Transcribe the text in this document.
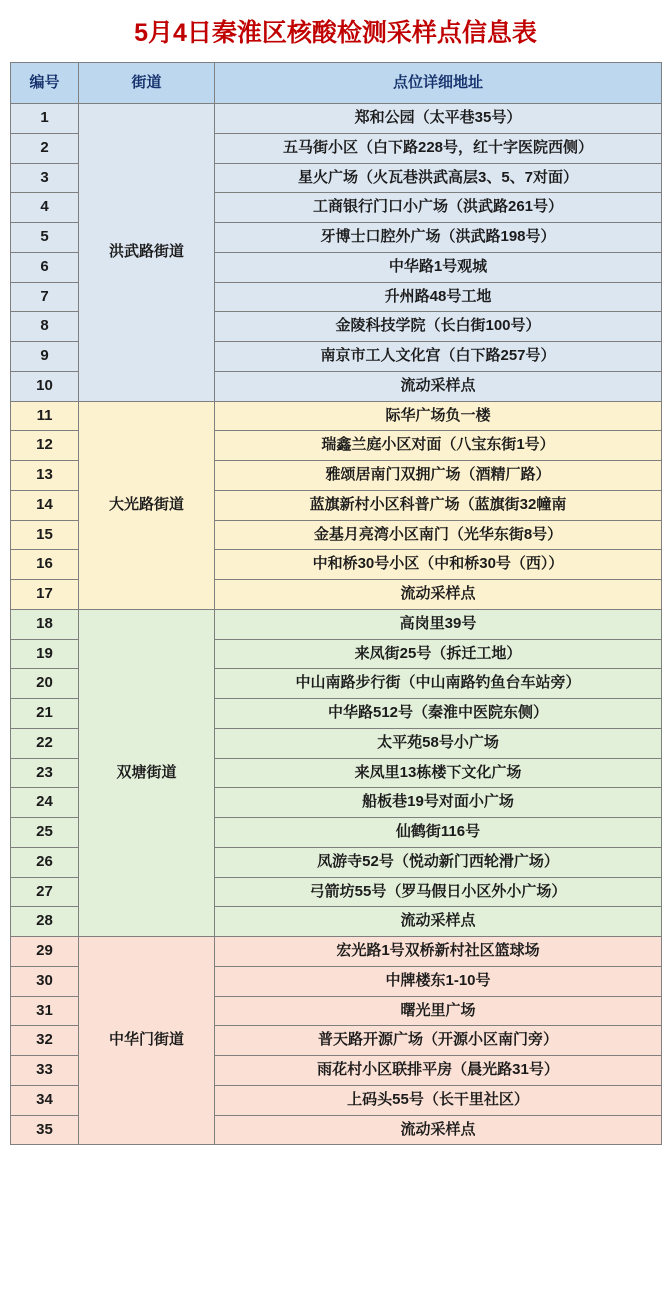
5月4日秦淮区核酸检测采样点信息表
编号	街道	点位详细地址
1	洪武路街道	郑和公园（太平巷35号）
2		五马街小区（白下路228号，红十字医院西侧）
3		星火广场（火瓦巷洪武高层3、5、7对面）
4		工商银行门口小广场（洪武路261号）
5		牙博士口腔外广场（洪武路198号）
6		中华路1号观城
7		升州路48号工地
8		金陵科技学院（长白街100号）
9		南京市工人文化宫（白下路257号）
10		流动采样点
11	大光路街道	际华广场负一楼
12		瑞鑫兰庭小区对面（八宝东街1号）
13		雅颂居南门双拥广场（酒精厂路）
14		蓝旗新村小区科普广场（蓝旗街32幢南
15		金基月亮湾小区南门（光华东街8号）
16		中和桥30号小区（中和桥30号（西））
17		流动采样点
18	双塘街道	高岗里39号
19		来凤街25号（拆迁工地）
20		中山南路步行街（中山南路钓鱼台车站旁）
21		中华路512号（秦淮中医院东侧）
22		太平苑58号小广场
23		来凤里13栋楼下文化广场
24		船板巷19号对面小广场
25		仙鹤街116号
26		凤游寺52号（悦动新门西轮滑广场）
27		弓箭坊55号（罗马假日小区外小广场）
28		流动采样点
29	中华门街道	宏光路1号双桥新村社区篮球场
30		中牌楼东1-10号
31		曙光里广场
32		普天路开源广场（开源小区南门旁）
33		雨花村小区联排平房（晨光路31号）
34		上码头55号（长干里社区）
35		流动采样点
